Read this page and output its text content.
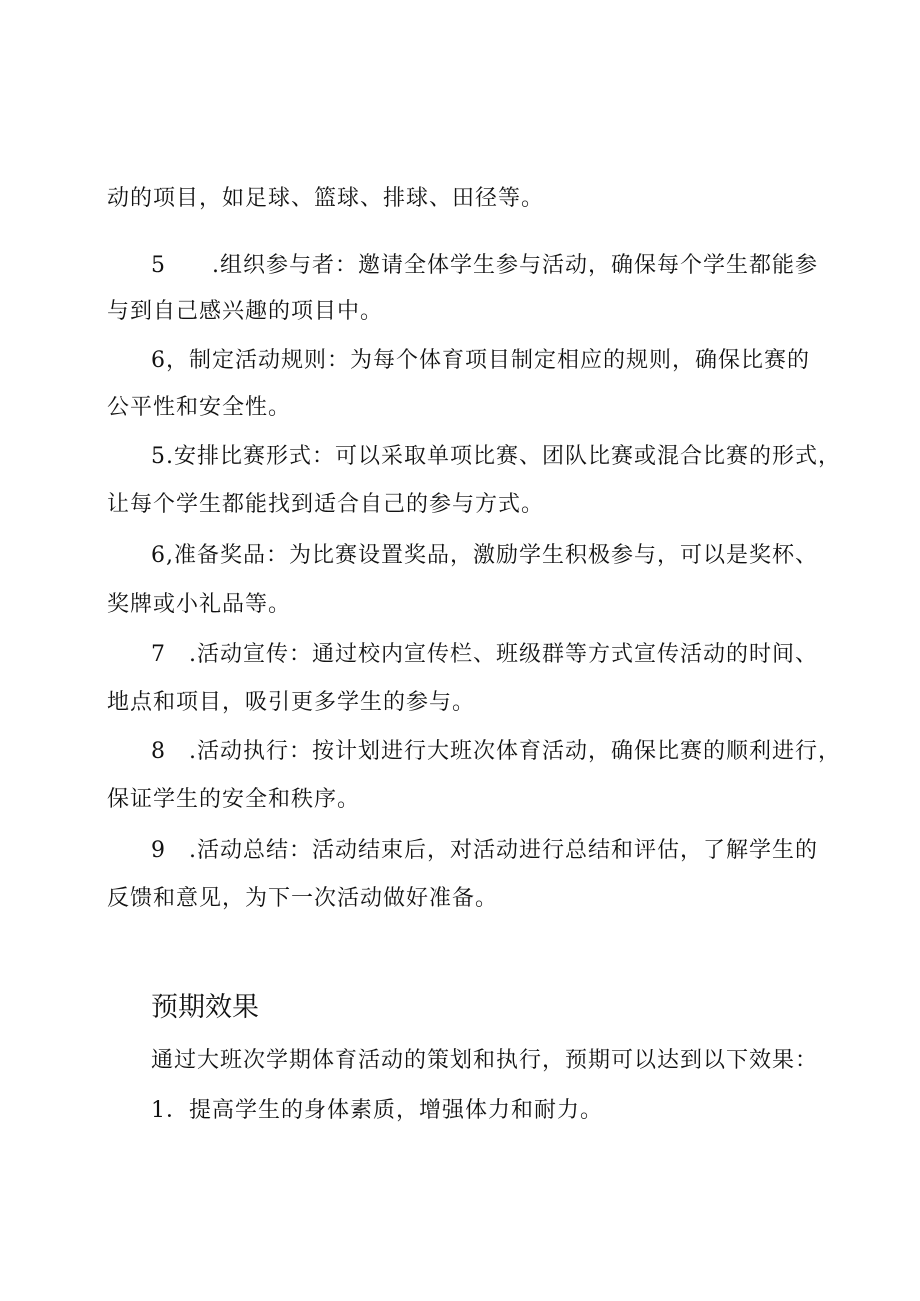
动的项目，如足球、篮球、排球、田径等。
5　　.组织参与者：邀请全体学生参与活动，确保每个学生都能参
与到自己感兴趣的项目中。
6，制定活动规则：为每个体育项目制定相应的规则，确保比赛的
公平性和安全性。
5.安排比赛形式：可以采取单项比赛、团队比赛或混合比赛的形式，
让每个学生都能找到适合自己的参与方式。
6,准备奖品：为比赛设置奖品，激励学生积极参与，可以是奖杯、
奖牌或小礼品等。
7　.活动宣传：通过校内宣传栏、班级群等方式宣传活动的时间、
地点和项目，吸引更多学生的参与。
8　.活动执行：按计划进行大班次体育活动，确保比赛的顺利进行，
保证学生的安全和秩序。
9　.活动总结：活动结束后，对活动进行总结和评估，了解学生的
反馈和意见，为下一次活动做好准备。
预期效果
通过大班次学期体育活动的策划和执行，预期可以达到以下效果：
1．提高学生的身体素质，增强体力和耐力。
